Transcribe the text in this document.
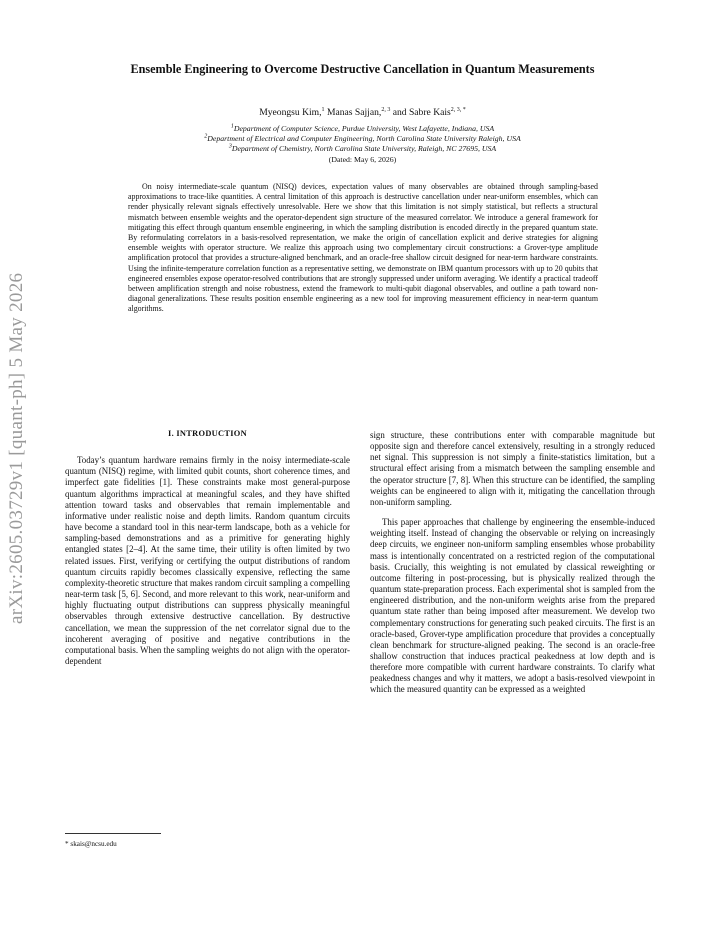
arXiv:2605.03729v1 [quant-ph] 5 May 2026
Ensemble Engineering to Overcome Destructive Cancellation in Quantum Measurements
Myeongsu Kim,$^1$ Manas Sajjan,$^{2, 3}$ and Sabre Kais$^{2, 3, *}$
$^1$Department of Computer Science, Purdue University, West Lafayette, Indiana, USA
$^2$Department of Electrical and Computer Engineering, North Carolina State University Raleigh, USA
$^3$Department of Chemistry, North Carolina State University, Raleigh, NC 27695, USA
(Dated: May 6, 2026)
On noisy intermediate-scale quantum (NISQ) devices, expectation values of many observables are obtained through sampling-based approximations to trace-like quantities. A central limitation of this approach is destructive cancellation under near-uniform ensembles, which can render physically relevant signals effectively unresolvable. Here we show that this limitation is not simply statistical, but reflects a structural mismatch between ensemble weights and the operator-dependent sign structure of the measured correlator. We introduce a general framework for mitigating this effect through quantum ensemble engineering, in which the sampling distribution is encoded directly in the prepared quantum state. By reformulating correlators in a basis-resolved representation, we make the origin of cancellation explicit and derive strategies for aligning ensemble weights with operator structure. We realize this approach using two complementary circuit constructions: a Grover-type amplitude amplification protocol that provides a structure-aligned benchmark, and an oracle-free shallow circuit designed for near-term hardware constraints. Using the infinite-temperature correlation function as a representative setting, we demonstrate on IBM quantum processors with up to 20 qubits that engineered ensembles expose operator-resolved contributions that are strongly suppressed under uniform averaging. We identify a practical tradeoff between amplification strength and noise robustness, extend the framework to multi-qubit diagonal observables, and outline a path toward non-diagonal generalizations. These results position ensemble engineering as a new tool for improving measurement efficiency in near-term quantum algorithms.
I. INTRODUCTION

Today’s quantum hardware remains firmly in the noisy intermediate-scale quantum (NISQ) regime, with limited qubit counts, short coherence times, and imperfect gate fidelities [1]. These constraints make most general-purpose quantum algorithms impractical at meaningful scales, and they have shifted attention toward tasks and observables that remain implementable and informative under realistic noise and depth limits. Random quantum circuits have become a standard tool in this near-term landscape, both as a vehicle for sampling-based demonstrations and as a primitive for generating highly entangled states [2–4]. At the same time, their utility is often limited by two related issues. First, verifying or certifying the output distributions of random quantum circuits rapidly becomes classically expensive, reflecting the same complexity-theoretic structure that makes random circuit sampling a compelling near-term task [5, 6]. Second, and more relevant to this work, near-uniform and highly fluctuating output distributions can suppress physically meaningful observables through extensive destructive cancellation. By destructive cancellation, we mean the suppression of the net correlator signal due to the incoherent averaging of positive and negative contributions in the computational basis. When the sampling weights do not align with the operator-dependent

sign structure, these contributions enter with comparable magnitude but opposite sign and therefore cancel extensively, resulting in a strongly reduced net signal. This suppression is not simply a finite-statistics limitation, but a structural effect arising from a mismatch between the sampling ensemble and the operator structure [7, 8]. When this structure can be identified, the sampling weights can be engineered to align with it, mitigating the cancellation through non-uniform sampling.

This paper approaches that challenge by engineering the ensemble-induced weighting itself. Instead of changing the observable or relying on increasingly deep circuits, we engineer non-uniform sampling ensembles whose probability mass is intentionally concentrated on a restricted region of the computational basis. Crucially, this weighting is not emulated by classical reweighting or outcome filtering in post-processing, but is physically realized through the quantum state-preparation process. Each experimental shot is sampled from the engineered distribution, and the non-uniform weights arise from the prepared quantum state rather than being imposed after measurement. We develop two complementary constructions for generating such peaked circuits. The first is an oracle-based, Grover-type amplification procedure that provides a conceptually clean benchmark for structure-aligned peaking. The second is an oracle-free shallow construction that induces practical peakedness at low depth and is therefore more compatible with current hardware constraints. To clarify what peakedness changes and why it matters, we adopt a basis-resolved viewpoint in which the measured quantity can be expressed as a weighted

* skais@ncsu.edu
